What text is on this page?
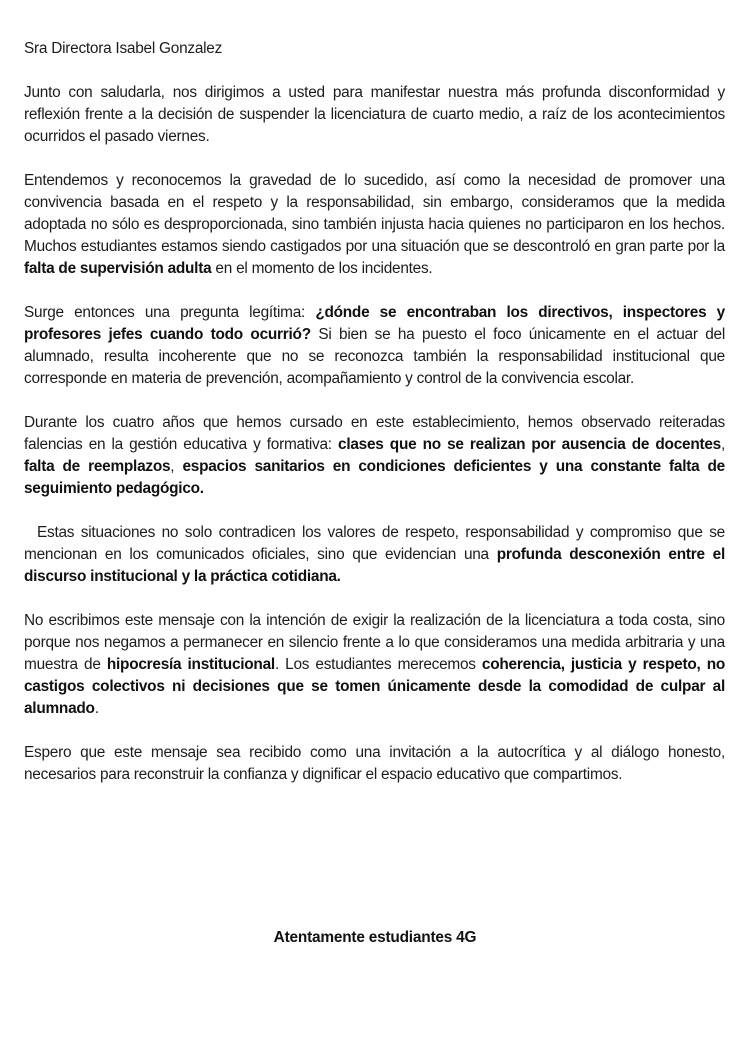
Sra Directora Isabel Gonzalez

Junto con saludarla, nos dirigimos a usted para manifestar nuestra más profunda disconformidad y reflexión frente a la decisión de suspender la licenciatura de cuarto medio, a raíz de los acontecimientos ocurridos el pasado viernes.

Entendemos y reconocemos la gravedad de lo sucedido, así como la necesidad de promover una convivencia basada en el respeto y la responsabilidad, sin embargo, consideramos que la medida adoptada no sólo es desproporcionada, sino también injusta hacia quienes no participaron en los hechos. Muchos estudiantes estamos siendo castigados por una situación que se descontroló en gran parte por la falta de supervisión adulta en el momento de los incidentes.

Surge entonces una pregunta legítima: ¿dónde se encontraban los directivos, inspectores y profesores jefes cuando todo ocurrió? Si bien se ha puesto el foco únicamente en el actuar del alumnado, resulta incoherente que no se reconozca también la responsabilidad institucional que corresponde en materia de prevención, acompañamiento y control de la convivencia escolar.

Durante los cuatro años que hemos cursado en este establecimiento, hemos observado reiteradas falencias en la gestión educativa y formativa: clases que no se realizan por ausencia de docentes, falta de reemplazos, espacios sanitarios en condiciones deficientes y una constante falta de seguimiento pedagógico.

Estas situaciones no solo contradicen los valores de respeto, responsabilidad y compromiso que se mencionan en los comunicados oficiales, sino que evidencian una profunda desconexión entre el discurso institucional y la práctica cotidiana.

No escribimos este mensaje con la intención de exigir la realización de la licenciatura a toda costa, sino porque nos negamos a permanecer en silencio frente a lo que consideramos una medida arbitraria y una muestra de hipocresía institucional. Los estudiantes merecemos coherencia, justicia y respeto, no castigos colectivos ni decisiones que se tomen únicamente desde la comodidad de culpar al alumnado.

Espero que este mensaje sea recibido como una invitación a la autocrítica y al diálogo honesto, necesarios para reconstruir la confianza y dignificar el espacio educativo que compartimos.

Atentamente estudiantes 4G
